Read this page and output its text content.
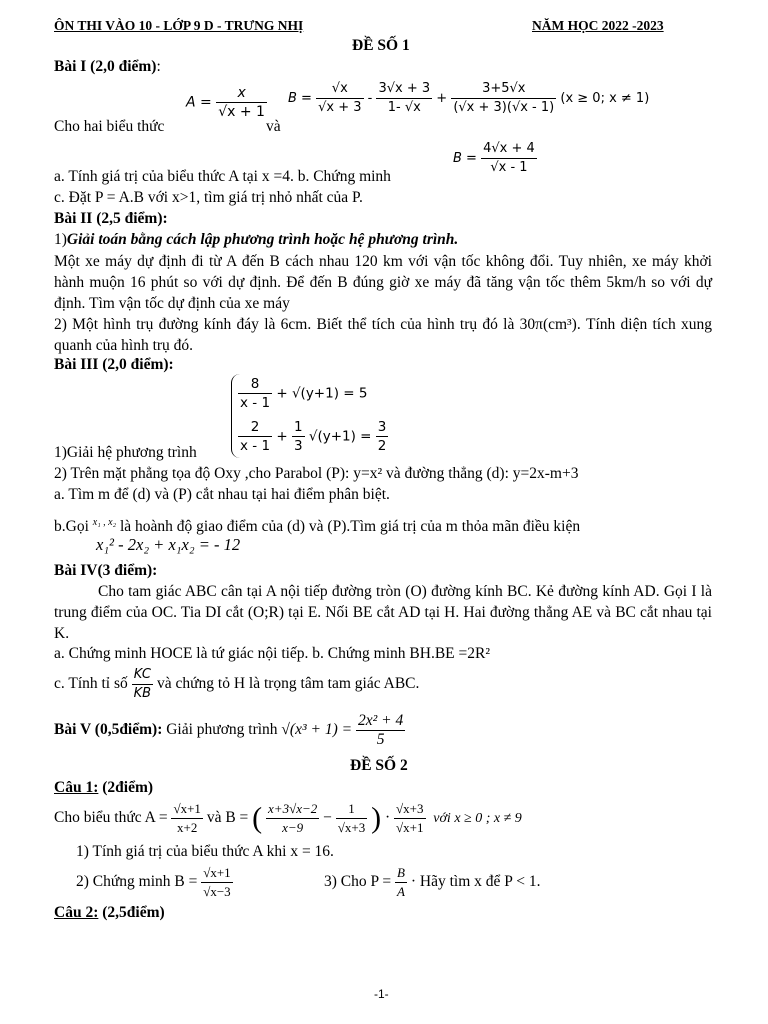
ÔN THI VÀO 10 - LỚP 9 D - TRƯNG NHỊ	NĂM HỌC 2022 -2023
ĐỀ SỐ 1
Bài I (2,0 điểm):
$A = \frac{x}{√x + 1}$ $B = \frac{√x}{√x + 3} - \frac{3√x + 3}{1- √x} + \frac{3+5√x}{(√x + 3)(√x - 1)} (x \ge 0$; x ≠ 1)
Cho hai biểu thức	và
$B = \frac{4√x + 4}{√x - 1}$
a. Tính giá trị của biểu thức A tại x =4. b. Chứng minh
c. Đặt P = A.B với x>1, tìm giá trị nhỏ nhất của P.
Bài II (2,5 điểm):
1)Giải toán bằng cách lập phương trình hoặc hệ phương trình.
Một xe máy dự định đi từ A đến B cách nhau 120 km với vận tốc không đổi. Tuy nhiên, xe máy khởi hành muộn 16 phút so với dự định. Để đến B đúng giờ xe máy đã tăng vận tốc thêm 5km/h so với dự định. Tìm vận tốc dự định của xe máy
2) Một hình trụ đường kính đáy là 6cm. Biết thể tích của hình trụ đó là 30π(cm³). Tính diện tích xung quanh của hình trụ đó.
Bài III (2,0 điểm):
$\frac{8}{x - 1} + √(y+1) = 5$
$\frac{2}{x - 1} + \frac{1}{3} √(y+1) = \frac{3}{2}$
1)Giải hệ phương trình
2) Trên mặt phẳng tọa độ Oxy ,cho Parabol (P): y=x² và đường thẳng (d): y=2x-m+3
a. Tìm m để (d) và (P) cắt nhau tại hai điểm phân biệt.
b.Gọi $^{x_1 , x_2}$ là hoành độ giao điểm của (d) và (P).Tìm giá trị của m thỏa mãn điều kiện
x₁² - 2x₂ + x₁x₂ = - 12
Bài IV(3 điểm):
Cho tam giác ABC cân tại A nội tiếp đường tròn (O) đường kính BC. Kẻ đường kính AD. Gọi I là trung điểm của OC. Tia DI cắt (O;R) tại E. Nối BE cắt AD tại H. Hai đường thẳng AE và BC cắt nhau tại K.
a. Chứng minh HOCE là tứ giác nội tiếp. b. Chứng minh BH.BE =2R²
c. Tính tỉ số $\frac{KC}{KB}$ và chứng tỏ H là trọng tâm tam giác ABC.
Bài V (0,5điểm): Giải phương trình $√(x^3 + 1) = \frac{\text{2x² + 4}}{5}$
ĐỀ SỐ 2
Câu 1: (2điểm)
Cho biểu thức $A = \frac{√x+1}{x+2}$ và B = ( $\frac{x+3√x-2}{x-9} - \frac{1}{√x+3}$ ) · $\frac{√x+3}{√x+1}$ với x ≥ 0 ; x ≠ 9
1) Tính giá trị của biểu thức A khi x = 16.
2) Chứng minh $B = \frac{√x+1}{√x-3}$	3) Cho $P = \frac{B}{A}$ · Hãy tìm x để P < 1.
Câu 2: (2,5điểm)
-1-
